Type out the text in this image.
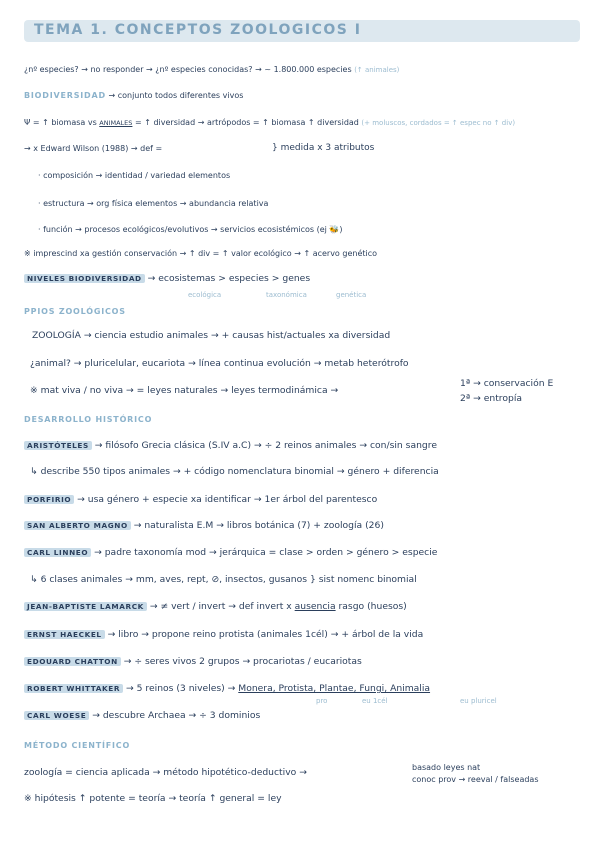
TEMA 1. CONCEPTOS ZOOLOGICOS I
¿nº especies? → no responder → ¿nº especies conocidas? → ~ 1.800.000 especies (↑ animales)
BIODIVERSIDAD → conjunto todos diferentes vivos
Ψ = ↑ biomasa vs ANIMALES = ↑ diversidad → artrópodos = ↑ biomasa ↑ diversidad (+ moluscos, cordados = ↑ espec no ↑ div)
→ x Edward Wilson (1988) → def =	} medida x 3 atributos
· composición → identidad / variedad elementos
· estructura → org física elementos → abundancia relativa
· función → procesos ecológicos/evolutivos → servicios ecosistémicos (ej 🐝)
※ imprescind xa gestión conservación → ↑ div = ↑ valor ecológico → ↑ acervo genético
NIVELES BIODIVERSIDAD → ecosistemas > especies > genes
ecológica	taxonómica	genética
PPIOS ZOOLÓGICOS
ZOOLOGÍA → ciencia estudio animales → + causas hist/actuales xa diversidad
¿animal? → pluricelular, eucariota → línea continua evolución → metab heterótrofo
※ mat viva / no viva → = leyes naturales → leyes termodinámica →
1ª → conservación E
2ª → entropía
DESARROLLO HISTÓRICO
ARISTÓTELES → filósofo Grecia clásica (S.IV a.C) → ÷ 2 reinos animales → con/sin sangre
↳ describe 550 tipos animales → + código nomenclatura binomial → género + diferencia
PORFIRIO → usa género + especie xa identificar → 1er árbol del parentesco
SAN ALBERTO MAGNO → naturalista E.M → libros botánica (7) + zoología (26)
CARL LINNEO → padre taxonomía mod → jerárquica = clase > orden > género > especie
↳ 6 clases animales → mm, aves, rept, ⊘, insectos, gusanos } sist nomenc binomial
JEAN-BAPTISTE LAMARCK → ≠ vert / invert → def invert x ausencia rasgo (huesos)
ERNST HAECKEL → libro → propone reino protista (animales 1cél) → + árbol de la vida
EDOUARD CHATTON → ÷ seres vivos 2 grupos → procariotas / eucariotas
ROBERT WHITTAKER → 5 reinos (3 niveles) → Monera, Protista, Plantae, Fungi, Animalia
pro	eu 1cél	eu pluricel
CARL WOESE → descubre Archaea → ÷ 3 dominios
MÉTODO CIENTÍFICO
zoología = ciencia aplicada → método hipotético-deductivo →	basado leyes nat
conoc prov → reeval / falseadas
※ hipótesis ↑ potente = teoría → teoría ↑ general = ley
